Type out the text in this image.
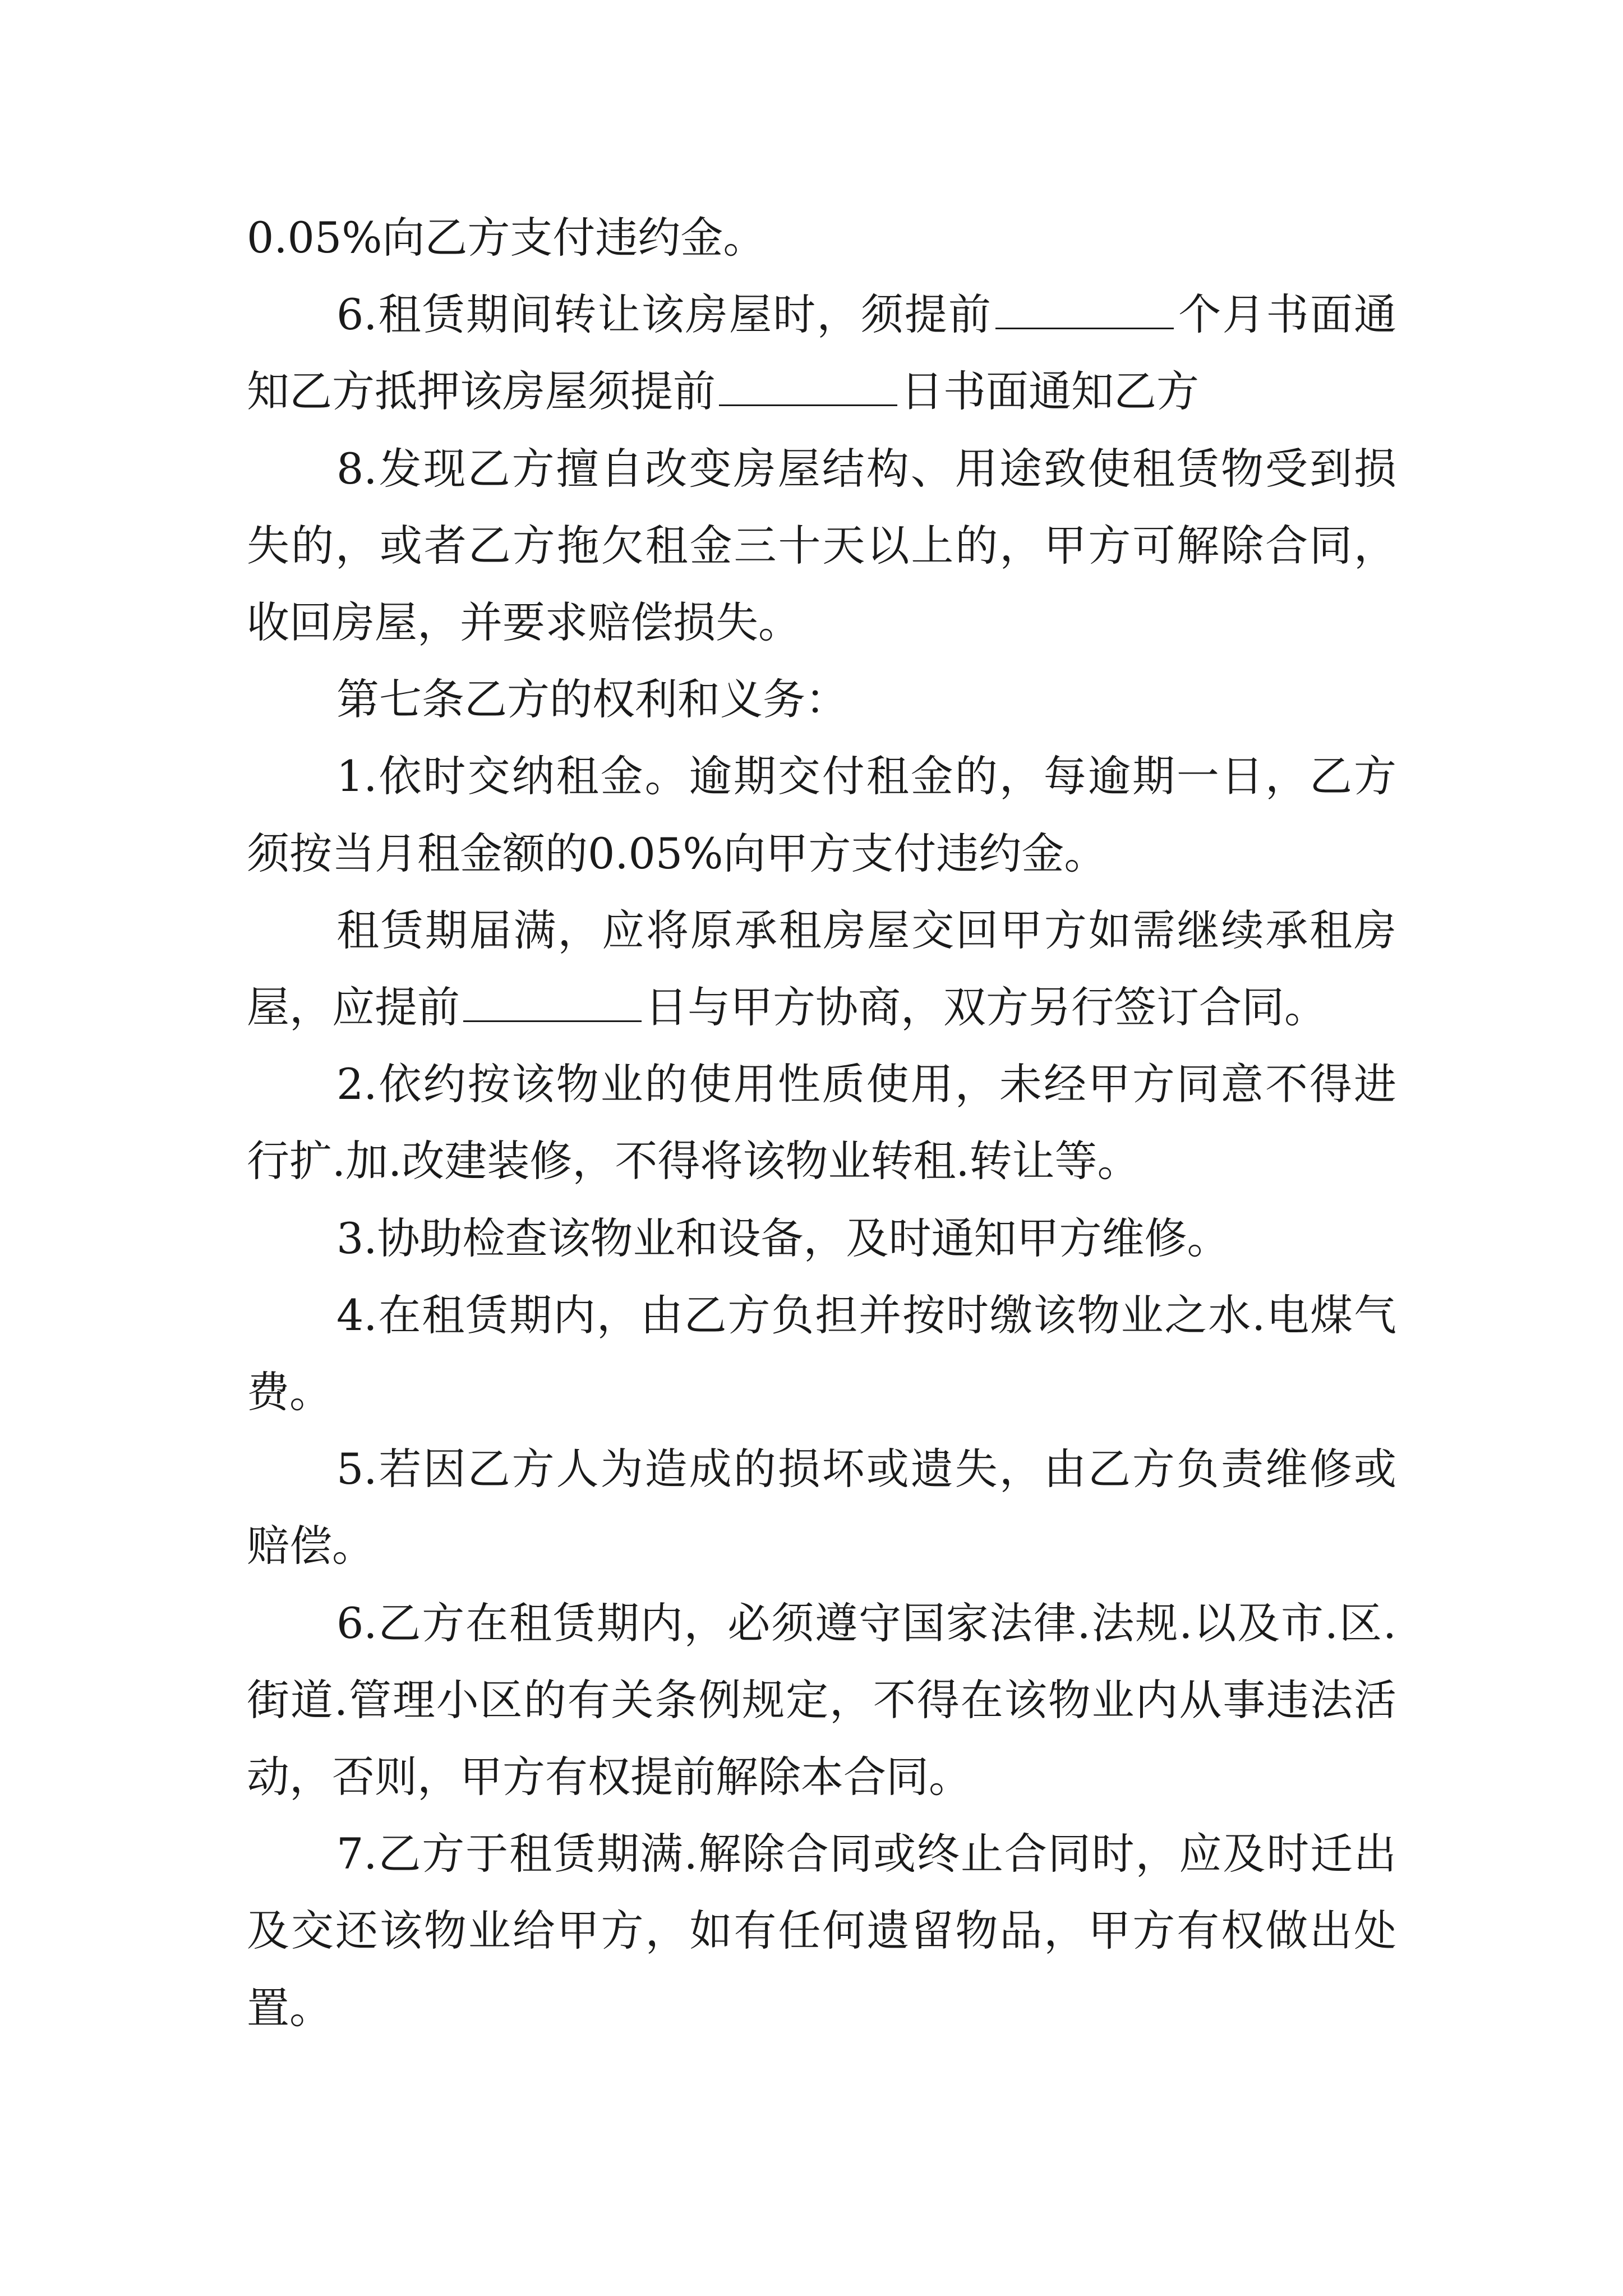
0.05%向乙方支付违约金。

6.租赁期间转让该房屋时，须提前	个月书面通知乙方抵押该房屋须提前	日书面通知乙方

8.发现乙方擅自改变房屋结构、用途致使租赁物受到损失的，或者乙方拖欠租金三十天以上的，甲方可解除合同，收回房屋，并要求赔偿损失。

第七条乙方的权利和义务：

1.依时交纳租金。逾期交付租金的，每逾期一日，乙方须按当月租金额的0.05%向甲方支付违约金。

租赁期届满，应将原承租房屋交回甲方如需继续承租房屋，应提前	日与甲方协商，双方另行签订合同。

2.依约按该物业的使用性质使用，未经甲方同意不得进行扩.加.改建装修，不得将该物业转租.转让等。

3.协助检查该物业和设备，及时通知甲方维修。

4.在租赁期内，由乙方负担并按时缴该物业之水.电煤气费。

5.若因乙方人为造成的损坏或遗失，由乙方负责维修或赔偿。

6.乙方在租赁期内，必须遵守国家法律.法规.以及市.区.街道.管理小区的有关条例规定，不得在该物业内从事违法活动，否则，甲方有权提前解除本合同。

7.乙方于租赁期满.解除合同或终止合同时，应及时迁出及交还该物业给甲方，如有任何遗留物品，甲方有权做出处置。
